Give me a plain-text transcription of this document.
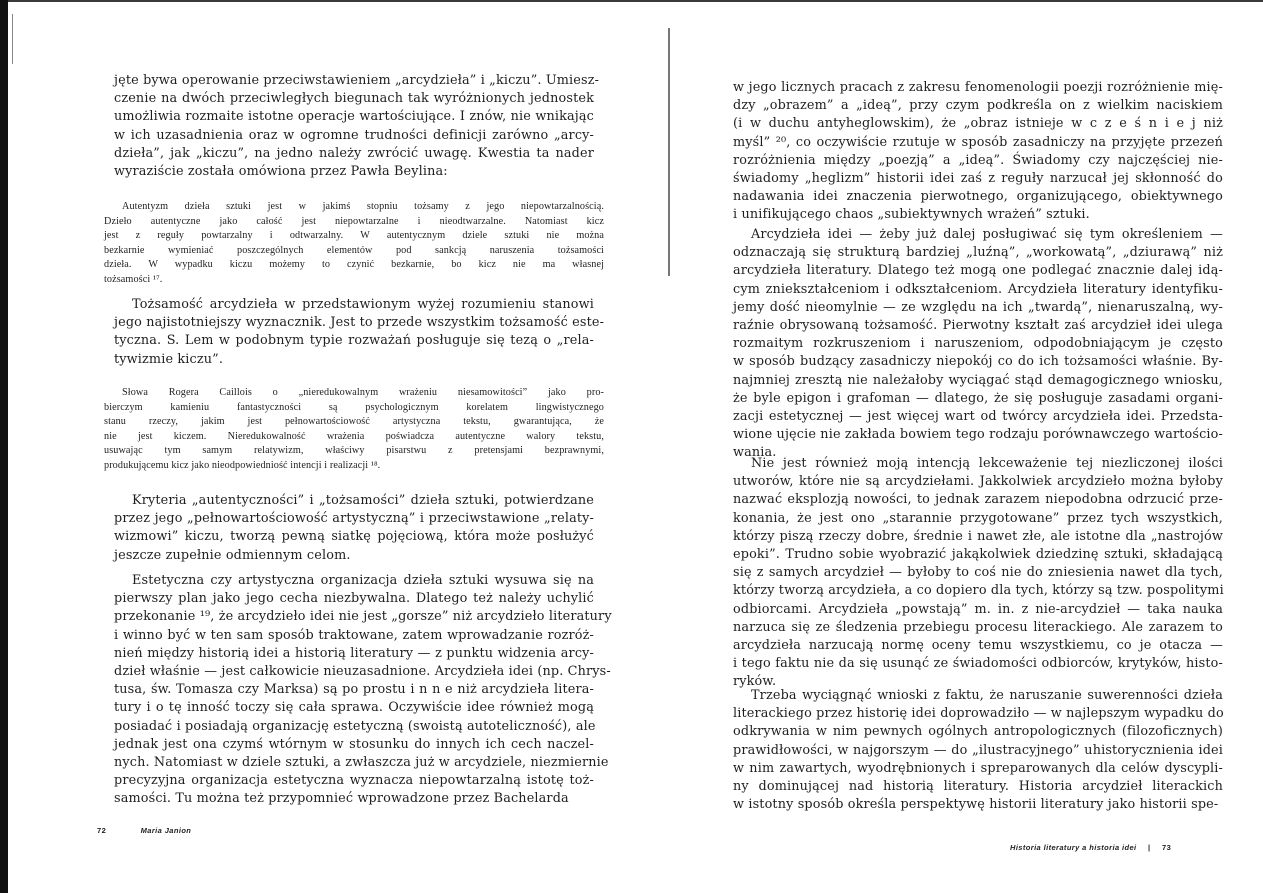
jęte bywa operowanie przeciwstawieniem „arcydzieła” i „kiczu”. Umiesz-
czenie na dwóch przeciwległych biegunach tak wyróżnionych jednostek
umożliwia rozmaite istotne operacje wartościujące. I znów, nie wnikając
w ich uzasadnienia oraz w ogromne trudności definicji zarówno „arcy-
dzieła”, jak „kiczu”, na jedno należy zwrócić uwagę. Kwestia ta nader
wyraziście została omówiona przez Pawła Beylina:
Autentyzm dzieła sztuki jest w jakimś stopniu tożsamy z jego niepowtarzalnością.
Dzieło autentyczne jako całość jest niepowtarzalne i nieodtwarzalne. Natomiast kicz
jest z reguły powtarzalny i odtwarzalny. W autentycznym dziele sztuki nie można
bezkarnie wymieniać poszczególnych elementów pod sankcją naruszenia tożsamości
dzieła. W wypadku kiczu możemy to czynić bezkarnie, bo kicz nie ma własnej
tożsamości ¹⁷.
Tożsamość arcydzieła w przedstawionym wyżej rozumieniu stanowi
jego najistotniejszy wyznacznik. Jest to przede wszystkim tożsamość este-
tyczna. S. Lem w podobnym typie rozważań posługuje się tezą o „rela-
tywizmie kiczu”.
Słowa Rogera Caillois o „nieredukowalnym wrażeniu niesamowitości” jako pro-
bierczym kamieniu fantastyczności są psychologicznym korelatem lingwistycznego
stanu rzeczy, jakim jest pełnowartościowość artystyczna tekstu, gwarantująca, że
nie jest kiczem. Nieredukowalność wrażenia poświadcza autentyczne walory tekstu,
usuwając tym samym relatywizm, właściwy pisarstwu z pretensjami bezprawnymi,
produkującemu kicz jako nieodpowiedniość intencji i realizacji ¹⁸.
Kryteria „autentyczności” i „tożsamości” dzieła sztuki, potwierdzane
przez jego „pełnowartościowość artystyczną” i przeciwstawione „relaty-
wizmowi” kiczu, tworzą pewną siatkę pojęciową, która może posłużyć
jeszcze zupełnie odmiennym celom.
Estetyczna czy artystyczna organizacja dzieła sztuki wysuwa się na
pierwszy plan jako jego cecha niezbywalna. Dlatego też należy uchylić
przekonanie ¹⁹, że arcydzieło idei nie jest „gorsze” niż arcydzieło literatury
i winno być w ten sam sposób traktowane, zatem wprowadzanie rozróż-
nień między historią idei a historią literatury — z punktu widzenia arcy-
dzieł właśnie — jest całkowicie nieuzasadnione. Arcydzieła idei (np. Chrys-
tusa, św. Tomasza czy Marksa) są po prostu i n n e niż arcydzieła litera-
tury i o tę inność toczy się cała sprawa. Oczywiście idee również mogą
posiadać i posiadają organizację estetyczną (swoistą autoteliczność), ale
jednak jest ona czymś wtórnym w stosunku do innych ich cech naczel-
nych. Natomiast w dziele sztuki, a zwłaszcza już w arcydziele, niezmiernie
precyzyjna organizacja estetyczna wyznacza niepowtarzalną istotę toż-
samości. Tu można też przypomnieć wprowadzone przez Bachelarda
w jego licznych pracach z zakresu fenomenologii poezji rozróżnienie mię-
dzy „obrazem” a „ideą”, przy czym podkreśla on z wielkim naciskiem
(i w duchu antyheglowskim), że „obraz istnieje w c z e ś n i e j niż
myśl” ²⁰, co oczywiście rzutuje w sposób zasadniczy na przyjęte przezeń
rozróżnienia między „poezją” a „ideą”. Świadomy czy najczęściej nie-
świadomy „heglizm” historii idei zaś z reguły narzucał jej skłonność do
nadawania idei znaczenia pierwotnego, organizującego, obiektywnego
i unifikującego chaos „subiektywnych wrażeń” sztuki.
Arcydzieła idei — żeby już dalej posługiwać się tym określeniem —
odznaczają się strukturą bardziej „luźną”, „workowatą”, „dziurawą” niż
arcydzieła literatury. Dlatego też mogą one podlegać znacznie dalej idą-
cym zniekształceniom i odkształceniom. Arcydzieła literatury identyfiku-
jemy dość nieomylnie — ze względu na ich „twardą”, nienaruszalną, wy-
raźnie obrysowaną tożsamość. Pierwotny kształt zaś arcydzieł idei ulega
rozmaitym rozkruszeniom i naruszeniom, odpodobniającym je często
w sposób budzący zasadniczy niepokój co do ich tożsamości właśnie. By-
najmniej zresztą nie należałoby wyciągać stąd demagogicznego wniosku,
że byle epigon i grafoman — dlatego, że się posługuje zasadami organi-
zacji estetycznej — jest więcej wart od twórcy arcydzieła idei. Przedsta-
wione ujęcie nie zakłada bowiem tego rodzaju porównawczego wartościo-
wania.
Nie jest również moją intencją lekceważenie tej niezliczonej ilości
utworów, które nie są arcydziełami. Jakkolwiek arcydzieło można byłoby
nazwać eksplozją nowości, to jednak zarazem niepodobna odrzucić prze-
konania, że jest ono „starannie przygotowane” przez tych wszystkich,
którzy piszą rzeczy dobre, średnie i nawet złe, ale istotne dla „nastrojów
epoki”. Trudno sobie wyobrazić jakąkolwiek dziedzinę sztuki, składającą
się z samych arcydzieł — byłoby to coś nie do zniesienia nawet dla tych,
którzy tworzą arcydzieła, a co dopiero dla tych, którzy są tzw. pospolitymi
odbiorcami. Arcydzieła „powstają” m. in. z nie-arcydzieł — taka nauka
narzuca się ze śledzenia przebiegu procesu literackiego. Ale zarazem to
arcydzieła narzucają normę oceny temu wszystkiemu, co je otacza —
i tego faktu nie da się usunąć ze świadomości odbiorców, krytyków, histo-
ryków.
Trzeba wyciągnąć wnioski z faktu, że naruszanie suwerenności dzieła
literackiego przez historię idei doprowadziło — w najlepszym wypadku do
odkrywania w nim pewnych ogólnych antropologicznych (filozoficznych)
prawidłowości, w najgorszym — do „ilustracyjnego” uhistorycznienia idei
w nim zawartych, wyodrębnionych i spreparowanych dla celów dyscypli-
ny dominującej nad historią literatury. Historia arcydzieł literackich
w istotny sposób określa perspektywę historii literatury jako historii spe-
72	Maria Janion
Historia literatury a historia idei | 73
